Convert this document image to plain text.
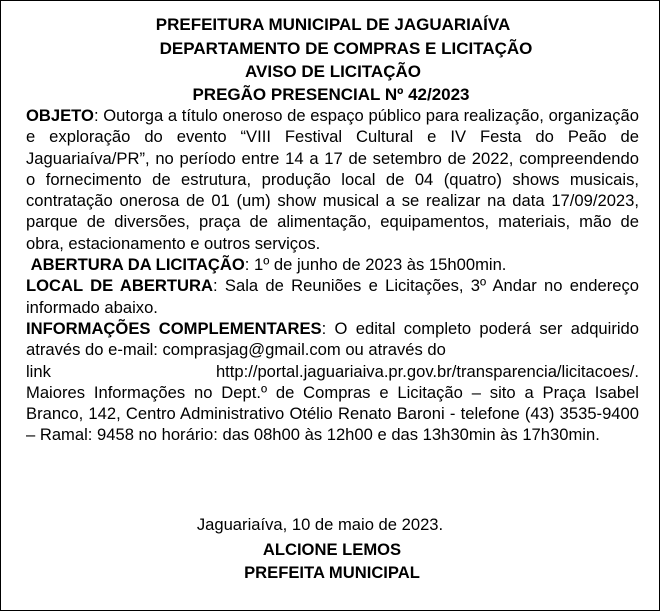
PREFEITURA MUNICIPAL DE JAGUARIAÍVA
DEPARTAMENTO DE COMPRAS E LICITAÇÃO
AVISO DE LICITAÇÃO
PREGÃO PRESENCIAL Nº 42/2023

OBJETO: Outorga a título oneroso de espaço público para realização, organização e exploração do evento “VIII Festival Cultural e IV Festa do Peão de Jaguariaíva/PR”, no período entre 14 a 17 de setembro de 2022, compreendendo o fornecimento de estrutura, produção local de 04 (quatro) shows musicais, contratação onerosa de 01 (um) show musical a se realizar na data 17/09/2023, parque de diversões, praça de alimentação, equipamentos, materiais, mão de obra, estacionamento e outros serviços.

ABERTURA DA LICITAÇÃO: 1º de junho de 2023 às 15h00min.

LOCAL DE ABERTURA: Sala de Reuniões e Licitações, 3º Andar no endereço informado abaixo.

INFORMAÇÕES COMPLEMENTARES: O edital completo poderá ser adquirido através do e-mail: comprasjag@gmail.com ou através do

link	http://portal.jaguariaiva.pr.gov.br/transparencia/licitacoes/.

Maiores Informações no Dept.º de Compras e Licitação – sito a Praça Isabel Branco, 142, Centro Administrativo Otélio Renato Baroni - telefone (43) 3535-9400 – Ramal: 9458 no horário: das 08h00 às 12h00 e das 13h30min às 17h30min.

Jaguariaíva, 10 de maio de 2023.
ALCIONE LEMOS
PREFEITA MUNICIPAL
